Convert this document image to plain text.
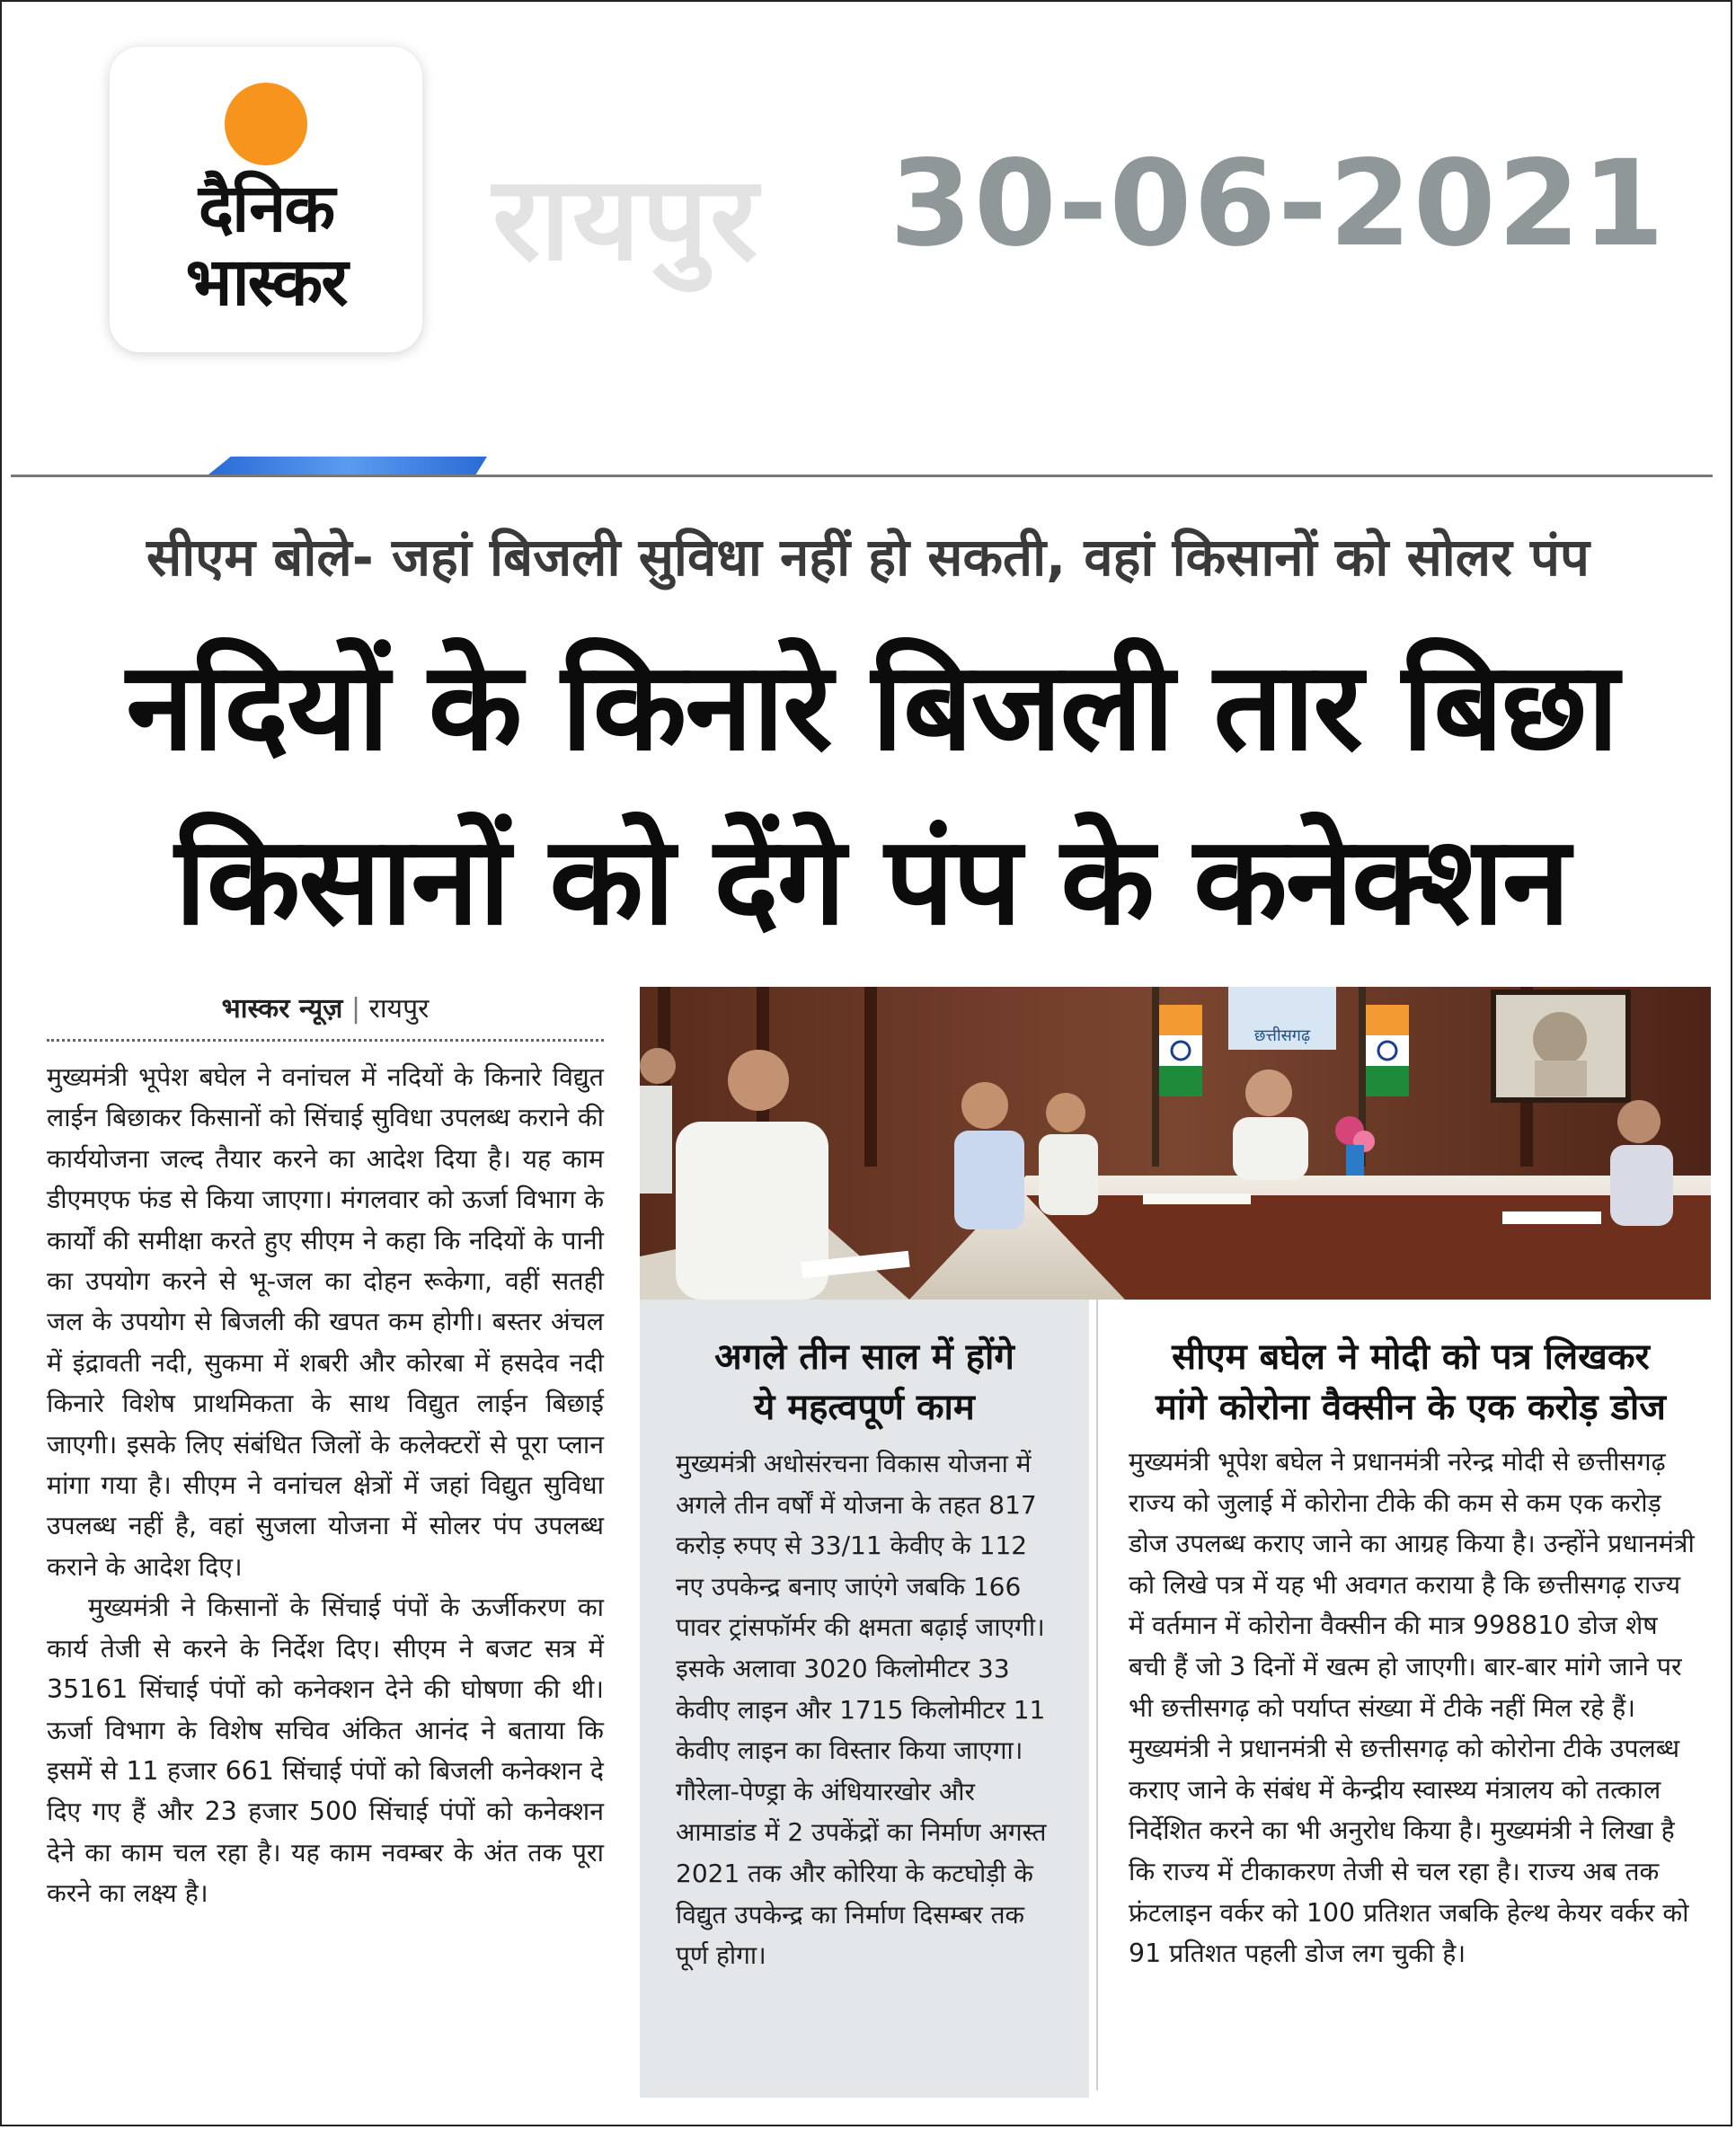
दैनिक
भास्कर	रायपुर 30-06-2021
सीएम बोले- जहां बिजली सुविधा नहीं हो सकती, वहां किसानों को सोलर पंप
नदियों के किनारे बिजली तार बिछा
किसानों को देंगे पंप के कनेक्शन
भास्कर न्यूज़ | रायपुर

मुख्यमंत्री भूपेश बघेल ने वनांचल में नदियों के किनारे विद्युत लाईन बिछाकर किसानों को सिंचाई सुविधा उपलब्ध कराने की कार्ययोजना जल्द तैयार करने का आदेश दिया है। यह काम डीएमएफ फंड से किया जाएगा। मंगलवार को ऊर्जा विभाग के कार्यों की समीक्षा करते हुए सीएम ने कहा कि नदियों के पानी का उपयोग करने से भू-जल का दोहन रूकेगा, वहीं सतही जल के उपयोग से बिजली की खपत कम होगी। बस्तर अंचल में इंद्रावती नदी, सुकमा में शबरी और कोरबा में हसदेव नदी किनारे विशेष प्राथमिकता के साथ विद्युत लाईन बिछाई जाएगी। इसके लिए संबंधित जिलों के कलेक्टरों से पूरा प्लान मांगा गया है। सीएम ने वनांचल क्षेत्रों में जहां विद्युत सुविधा उपलब्ध नहीं है, वहां सुजला योजना में सोलर पंप उपलब्ध कराने के आदेश दिए।

मुख्यमंत्री ने किसानों के सिंचाई पंपों के ऊर्जीकरण का कार्य तेजी से करने के निर्देश दिए। सीएम ने बजट सत्र में 35161 सिंचाई पंपों को कनेक्शन देने की घोषणा की थी। ऊर्जा विभाग के विशेष सचिव अंकित आनंद ने बताया कि इसमें से 11 हजार 661 सिंचाई पंपों को बिजली कनेक्शन दे दिए गए हैं और 23 हजार 500 सिंचाई पंपों को कनेक्शन देने का काम चल रहा है। यह काम नवम्बर के अंत तक पूरा करने का लक्ष्य है।

छत्तीसगढ़

अगले तीन साल में होंगे

ये महत्वपूर्ण काम

मुख्यमंत्री अधोसंरचना विकास योजना में अगले तीन वर्षों में योजना के तहत 817 करोड़ रुपए से 33/11 केवीए के 112 नए उपकेन्द्र बनाए जाएंगे जबकि 166 पावर ट्रांसफॉर्मर की क्षमता बढ़ाई जाएगी। इसके अलावा 3020 किलोमीटर 33 केवीए लाइन और 1715 किलोमीटर 11 केवीए लाइन का विस्तार किया जाएगा। गौरेला-पेण्ड्रा के अंधियारखोर और आमाडांड में 2 उपकेंद्रों का निर्माण अगस्त 2021 तक और कोरिया के कटघोड़ी के विद्युत उपकेन्द्र का निर्माण दिसम्बर तक पूर्ण होगा।

सीएम बघेल ने मोदी को पत्र लिखकर

मांगे कोरोना वैक्सीन के एक करोड़ डोज

मुख्यमंत्री भूपेश बघेल ने प्रधानमंत्री नरेन्द्र मोदी से छत्तीसगढ़ राज्य को जुलाई में कोरोना टीके की कम से कम एक करोड़ डोज उपलब्ध कराए जाने का आग्रह किया है। उन्होंने प्रधानमंत्री को लिखे पत्र में यह भी अवगत कराया है कि छत्तीसगढ़ राज्य में वर्तमान में कोरोना वैक्सीन की मात्र 998810 डोज शेष बची हैं जो 3 दिनों में खत्म हो जाएगी। बार-बार मांगे जाने पर भी छत्तीसगढ़ को पर्याप्त संख्या में टीके नहीं मिल रहे हैं। मुख्यमंत्री ने प्रधानमंत्री से छत्तीसगढ़ को कोरोना टीके उपलब्ध कराए जाने के संबंध में केन्द्रीय स्वास्थ्य मंत्रालय को तत्काल निर्देशित करने का भी अनुरोध किया है। मुख्यमंत्री ने लिखा है कि राज्य में टीकाकरण तेजी से चल रहा है। राज्य अब तक फ्रंटलाइन वर्कर को 100 प्रतिशत जबकि हेल्थ केयर वर्कर को 91 प्रतिशत पहली डोज लग चुकी है।
